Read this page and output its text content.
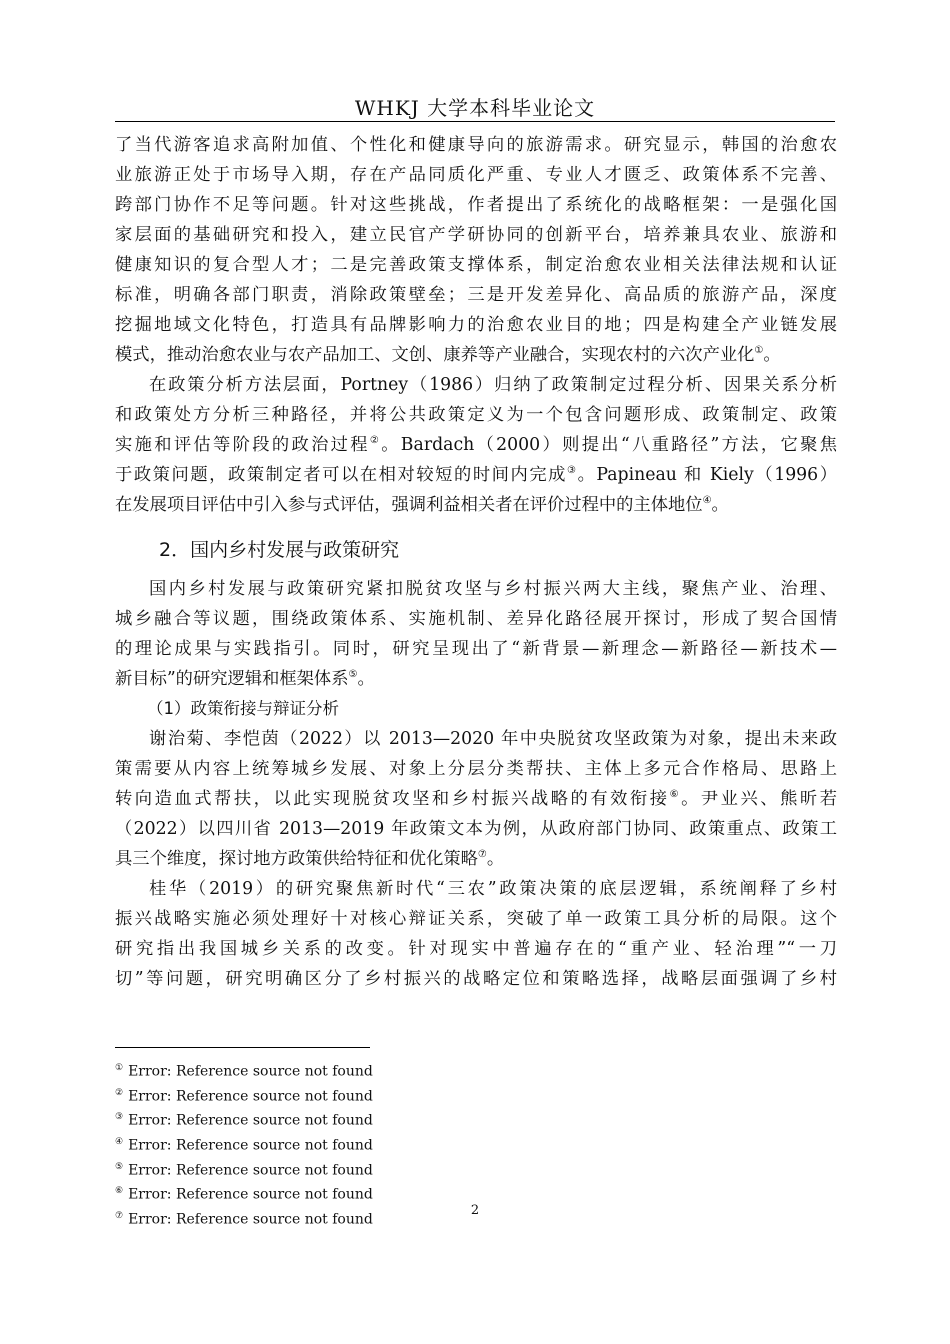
WHKJ 大学本科毕业论文
了当代游客追求高附加值、个性化和健康导向的旅游需求。研究显示，韩国的治愈农
业旅游正处于市场导入期，存在产品同质化严重、专业人才匮乏、政策体系不完善、
跨部门协作不足等问题。针对这些挑战，作者提出了系统化的战略框架：一是强化国
家层面的基础研究和投入，建立民官产学研协同的创新平台，培养兼具农业、旅游和
健康知识的复合型人才；二是完善政策支撑体系，制定治愈农业相关法律法规和认证
标准，明确各部门职责，消除政策壁垒；三是开发差异化、高品质的旅游产品，深度
挖掘地域文化特色，打造具有品牌影响力的治愈农业目的地；四是构建全产业链发展
模式，推动治愈农业与农产品加工、文创、康养等产业融合，实现农村的六次产业化①。
在政策分析方法层面，Portney（1986）归纳了政策制定过程分析、因果关系分析
和政策处方分析三种路径，并将公共政策定义为一个包含问题形成、政策制定、政策
实施和评估等阶段的政治过程②。Bardach（2000）则提出“八重路径”方法，它聚焦
于政策问题，政策制定者可以在相对较短的时间内完成③。Papineau 和 Kiely（1996）
在发展项目评估中引入参与式评估，强调利益相关者在评价过程中的主体地位④。
2．国内乡村发展与政策研究
国内乡村发展与政策研究紧扣脱贫攻坚与乡村振兴两大主线，聚焦产业、治理、
城乡融合等议题，围绕政策体系、实施机制、差异化路径展开探讨，形成了契合国情
的理论成果与实践指引。同时，研究呈现出了“新背景—新理念—新路径—新技术—
新目标”的研究逻辑和框架体系⑤。
（1）政策衔接与辩证分析
谢治菊、李恺茵（2022）以 2013—2020 年中央脱贫攻坚政策为对象，提出未来政
策需要从内容上统筹城乡发展、对象上分层分类帮扶、主体上多元合作格局、思路上
转向造血式帮扶，以此实现脱贫攻坚和乡村振兴战略的有效衔接⑥。尹业兴、熊昕若
（2022）以四川省 2013—2019 年政策文本为例，从政府部门协同、政策重点、政策工
具三个维度，探讨地方政策供给特征和优化策略⑦。
桂华（2019）的研究聚焦新时代“三农”政策决策的底层逻辑，系统阐释了乡村
振兴战略实施必须处理好十对核心辩证关系，突破了单一政策工具分析的局限。这个
研究指出我国城乡关系的改变。针对现实中普遍存在的“重产业、轻治理”“一刀
切”等问题，研究明确区分了乡村振兴的战略定位和策略选择，战略层面强调了乡村
① Error: Reference source not found
② Error: Reference source not found
③ Error: Reference source not found
④ Error: Reference source not found
⑤ Error: Reference source not found
⑥ Error: Reference source not found
⑦ Error: Reference source not found
2
